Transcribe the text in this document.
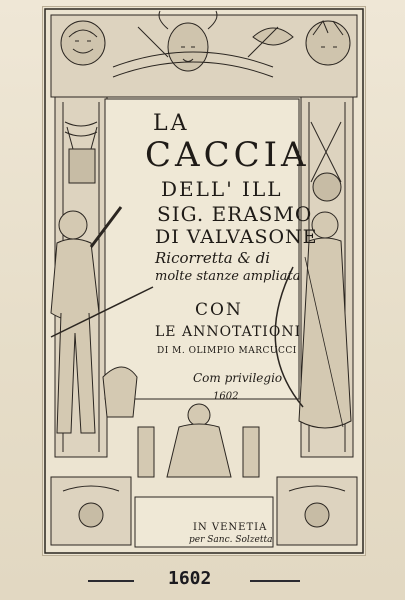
LA
CACCIA
DELL' ILL
SIG. ERASMO
DI VALVASONE
Ricorretta & di
molte stanze ampliata
CON
LE ANNOTATIONI
DI M. OLIMPIO MARCUCCI
Com privilegio
1602
IN VENETIA
per Sanc. Solzetta
1602
